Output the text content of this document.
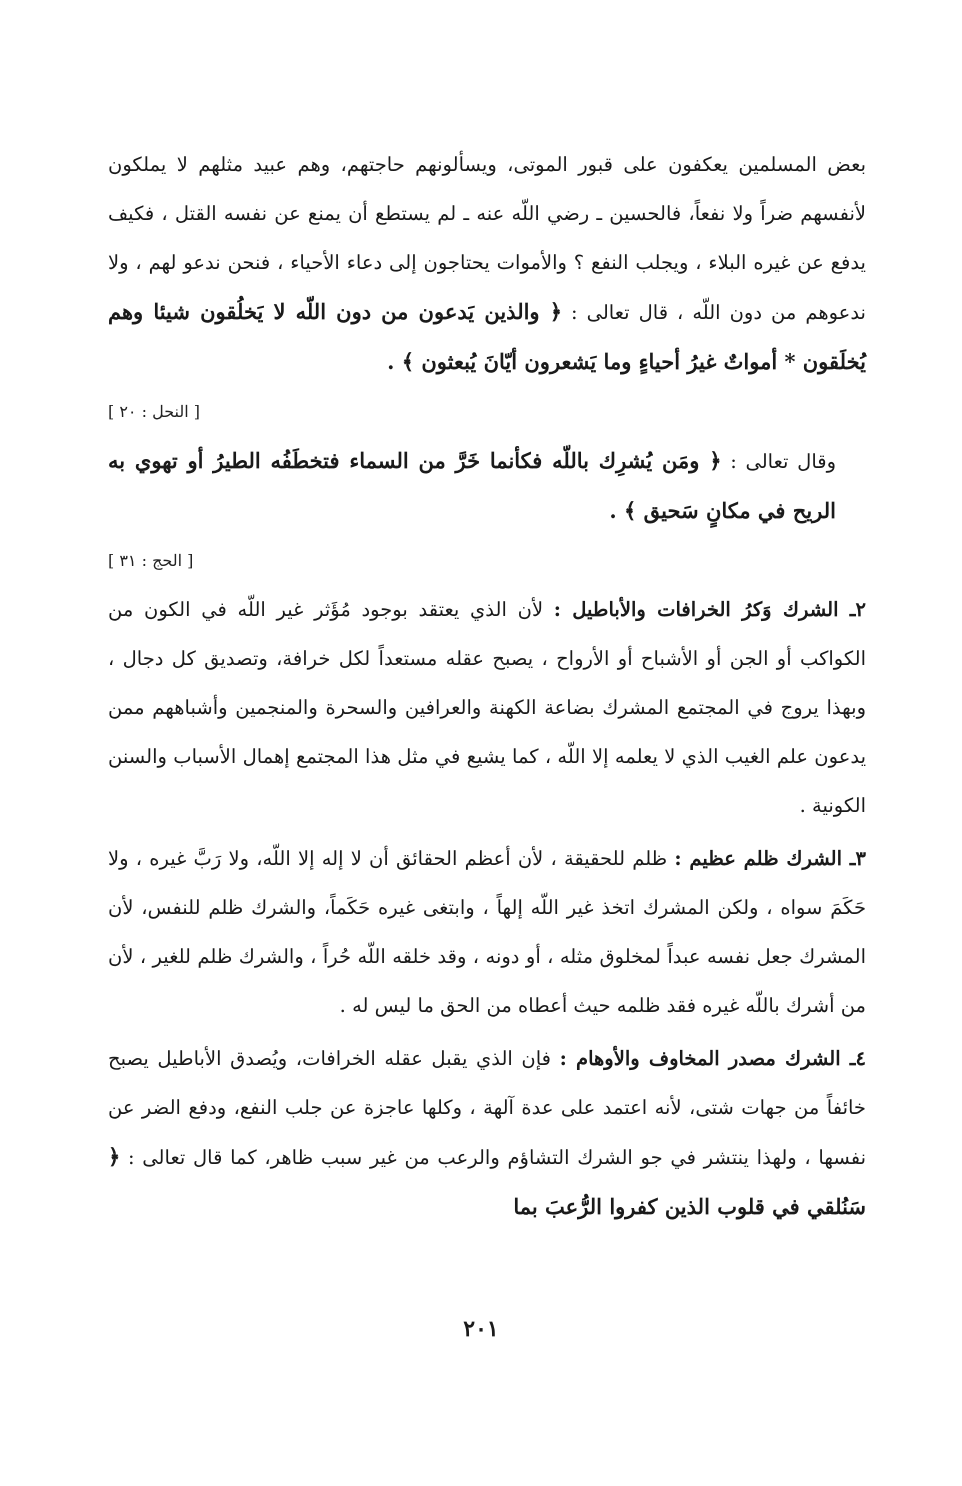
بعض المسلمين يعكفون على قبور الموتى، ويسألونهم حاجتهم، وهم عبيد مثلهم لا يملكون لأنفسهم ضراً ولا نفعاً، فالحسين ـ رضي اللّه عنه ـ لم يستطع أن يمنع عن نفسه القتل ، فكيف يدفع عن غيره البلاء ، ويجلب النفع ؟ والأموات يحتاجون إلى دعاء الأحياء ، فنحن ندعو لهم ، ولا ندعوهم من دون اللّه ، قال تعالى : ﴿ والذين يَدعون من دون اللّه لا يَخلُقون شيئا وهم يُخلَقون * أمواتٌ غيرُ أحياءٍ وما يَشعرون أيّانَ يُبعثون ﴾ .

[ النحل : ٢٠ ]

وقال تعالى : ﴿ ومَن يُشرِك باللّه فكأنما خَرَّ من السماء فتخطَفُه الطيرُ أو تهوي به الريح في مكانٍ سَحيق ﴾ .

[ الحج : ٣١ ]

٢ـ الشرك وَكرُ الخرافات والأباطيل : لأن الذي يعتقد بوجود مُؤَثر غير اللّه في الكون من الكواكب أو الجن أو الأشباح أو الأرواح ، يصبح عقله مستعداً لكل خرافة، وتصديق كل دجال ، وبهذا يروج في المجتمع المشرك بضاعة الكهنة والعرافين والسحرة والمنجمين وأشباههم ممن يدعون علم الغيب الذي لا يعلمه إلا اللّه ، كما يشيع في مثل هذا المجتمع إهمال الأسباب والسنن الكونية .

٣ـ الشرك ظلم عظيم : ظلم للحقيقة ، لأن أعظم الحقائق أن لا إله إلا اللّه، ولا رَبَّ غيره ، ولا حَكَمَ سواه ، ولكن المشرك اتخذ غير اللّه إلهاً ، وابتغى غيره حَكَماً، والشرك ظلم للنفس، لأن المشرك جعل نفسه عبداً لمخلوق مثله ، أو دونه ، وقد خلقه اللّه حُراً ، والشرك ظلم للغير ، لأن من أشرك باللّه غيره فقد ظلمه حيث أعطاه من الحق ما ليس له .

٤ـ الشرك مصدر المخاوف والأوهام : فإن الذي يقبل عقله الخرافات، ويُصدق الأباطيل يصبح خائفاً من جهات شتى، لأنه اعتمد على عدة آلهة ، وكلها عاجزة عن جلب النفع، ودفع الضر عن نفسها ، ولهذا ينتشر في جو الشرك التشاؤم والرعب من غير سبب ظاهر، كما قال تعالى : ﴿ سَنُلقي في قلوب الذين كفروا الرُّعبَ بما

٢٠١
